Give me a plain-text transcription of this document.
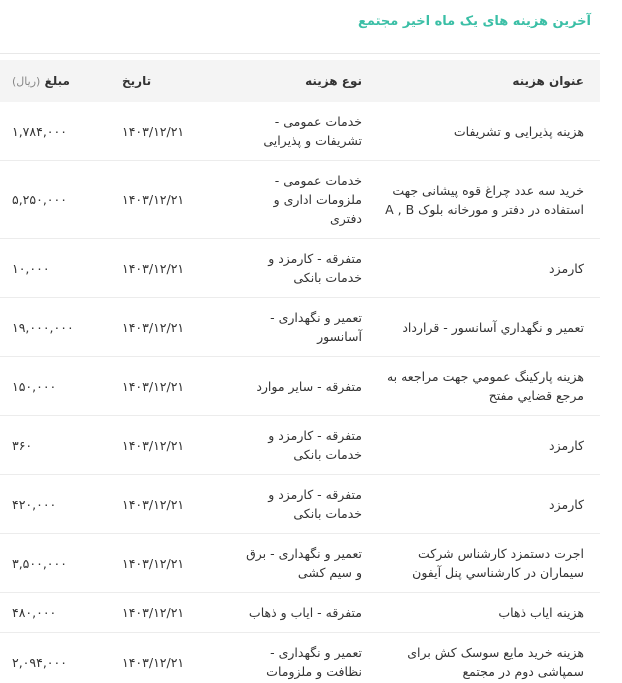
آخرین هزینه های یک ماه اخیر مجتمع
عنوان هزینه	نوع هزینه	تاریخ	مبلغ (ریال)
هزینه پذیرایی و تشریفات	خدمات عمومی - تشریفات و پذیرایی	۱۴۰۳/۱۲/۲۱	۱,۷۸۴,۰۰۰
خرید سه عدد چراغ قوه پیشانی جهت استفاده در دفتر و مورخانه بلوک A , B	خدمات عمومی - ملزومات اداری و دفتری	۱۴۰۳/۱۲/۲۱	۵,۲۵۰,۰۰۰
کارمزد	متفرقه - کارمزد و خدمات بانکی	۱۴۰۳/۱۲/۲۱	۱۰,۰۰۰
تعمیر و نگهداري آسانسور - قرارداد	تعمیر و نگهداری - آسانسور	۱۴۰۳/۱۲/۲۱	۱۹,۰۰۰,۰۰۰
هزینه پارکینگ عمومي جهت مراجعه به مرجع قضايي مفتح	متفرقه - سایر موارد	۱۴۰۳/۱۲/۲۱	۱۵۰,۰۰۰
کارمزد	متفرقه - کارمزد و خدمات بانکی	۱۴۰۳/۱۲/۲۱	۳۶۰
کارمزد	متفرقه - کارمزد و خدمات بانکی	۱۴۰۳/۱۲/۲۱	۴۲۰,۰۰۰
اجرت دستمزد کارشناس شرکت سیماران در کارشناسي پنل آیفون	تعمیر و نگهداری - برق و سیم کشی	۱۴۰۳/۱۲/۲۱	۳,۵۰۰,۰۰۰
هزینه ایاب ذهاب	متفرقه - ایاب و ذهاب	۱۴۰۳/۱۲/۲۱	۴۸۰,۰۰۰
هزینه خرید مایع سوسک کش برای سمپاشی دوم در مجتمع	تعمیر و نگهداری - نظافت و ملزومات	۱۴۰۳/۱۲/۲۱	۲,۰۹۴,۰۰۰
